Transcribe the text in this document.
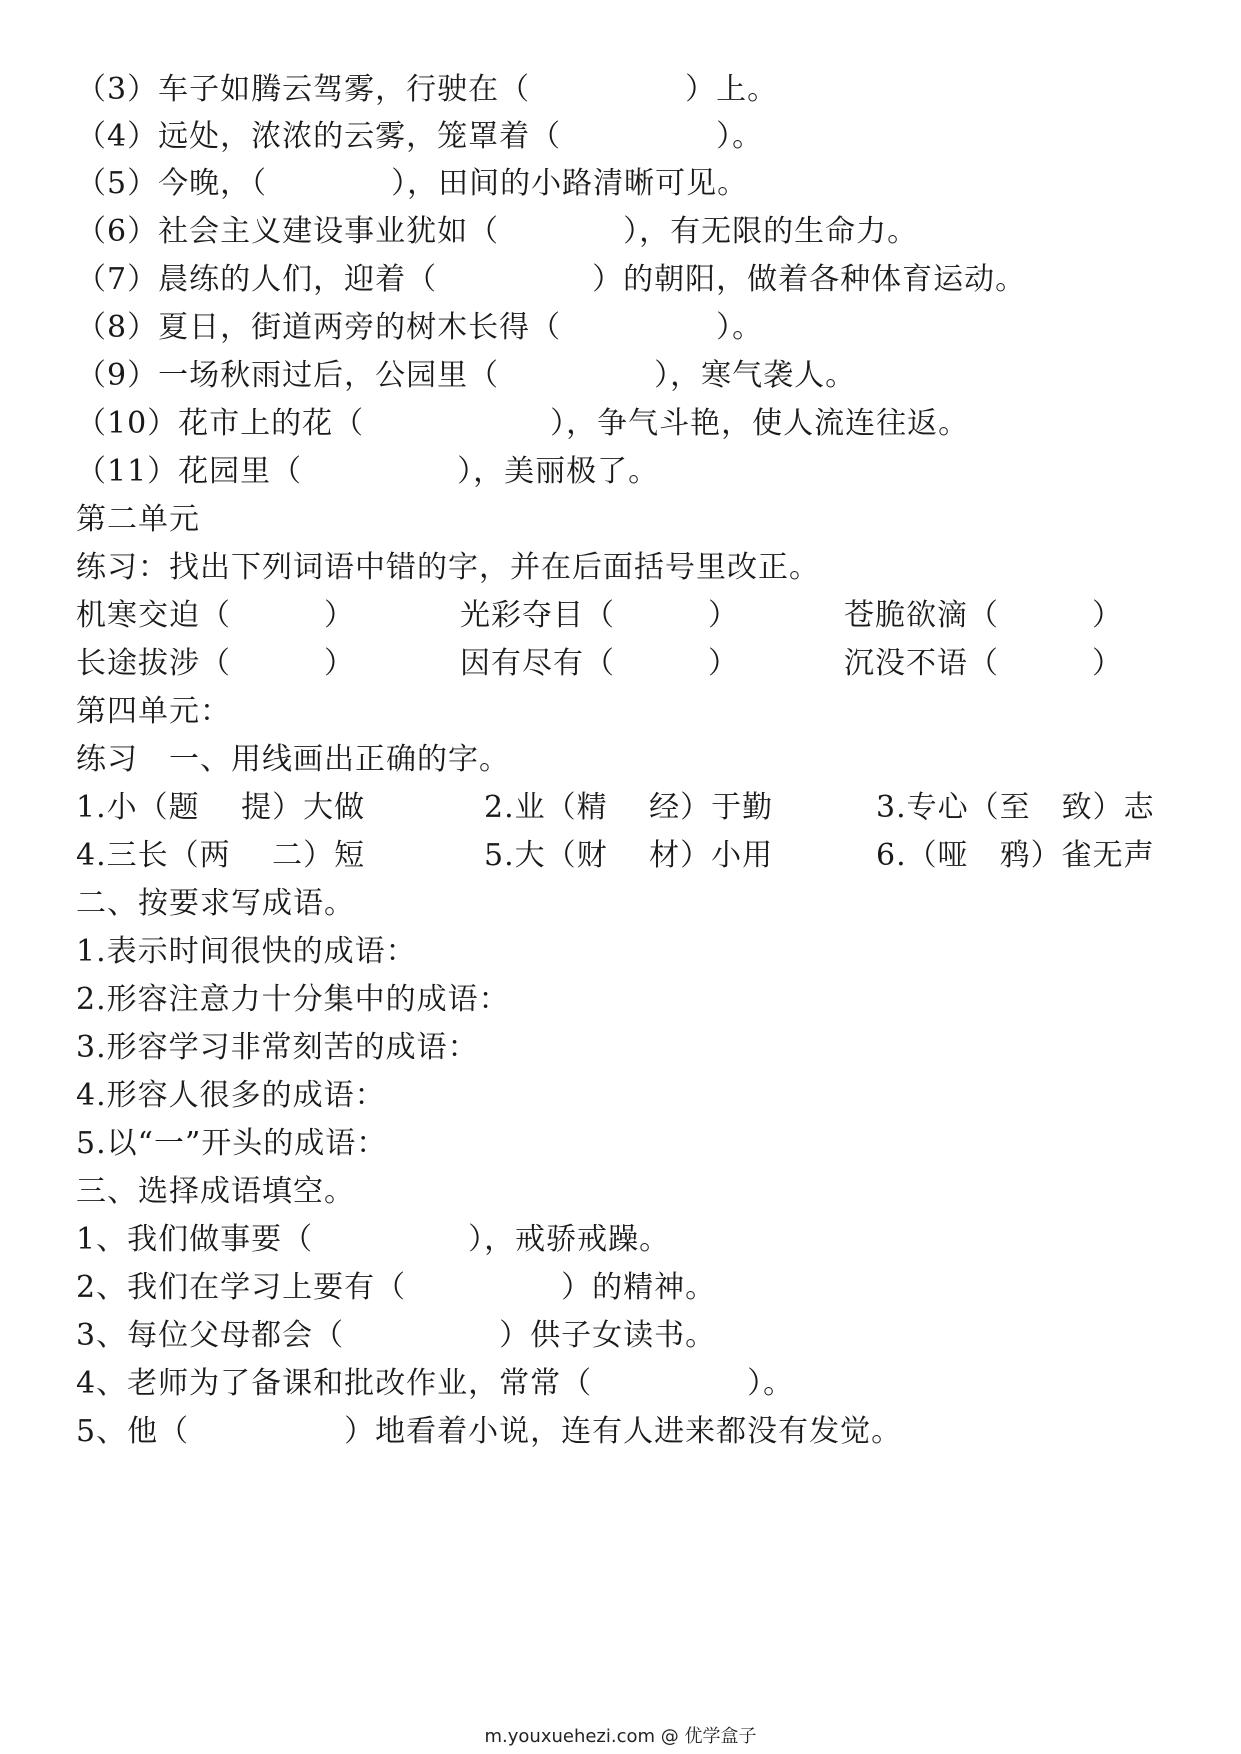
（3）车子如腾云驾雾，行驶在（　　　　　）上。
（4）远处，浓浓的云雾，笼罩着（　　　　　）。
（5）今晚，（　　　　），田间的小路清晰可见。
（6）社会主义建设事业犹如（　　　　），有无限的生命力。
（7）晨练的人们，迎着（　　　　　）的朝阳，做着各种体育运动。
（8）夏日，街道两旁的树木长得（　　　　　）。
（9）一场秋雨过后，公园里（　　　　　），寒气袭人。
（10）花市上的花（　　　　　　），争气斗艳，使人流连往返。
（11）花园里（　　　　　），美丽极了。
第二单元
练习：找出下列词语中错的字，并在后面括号里改正。
机寒交迫（　　　）	光彩夺目（　　　）	苍脆欲滴（　　　）
长途拔涉（　　　）	因有尽有（　　　）	沉没不语（　　　）
第四单元：
练习　一、用线画出正确的字。
1.小（题　 提）大做	2.业（精　 经）于勤	3.专心（至　致）志
4.三长（两　 二）短	5.大（财　 材）小用	6.（哑　鸦）雀无声
二、按要求写成语。
1.表示时间很快的成语：
2.形容注意力十分集中的成语：
3.形容学习非常刻苦的成语：
4.形容人很多的成语：
5.以“一”开头的成语：
三、选择成语填空。
1、我们做事要（　　　　　），戒骄戒躁。
2、我们在学习上要有（　　　　　）的精神。
3、每位父母都会（　　　　　）供子女读书。
4、老师为了备课和批改作业，常常（　　　　　）。
5、他（　　　　　）地看着小说，连有人进来都没有发觉。
m.youxuehezi.com @ 优学盒子
